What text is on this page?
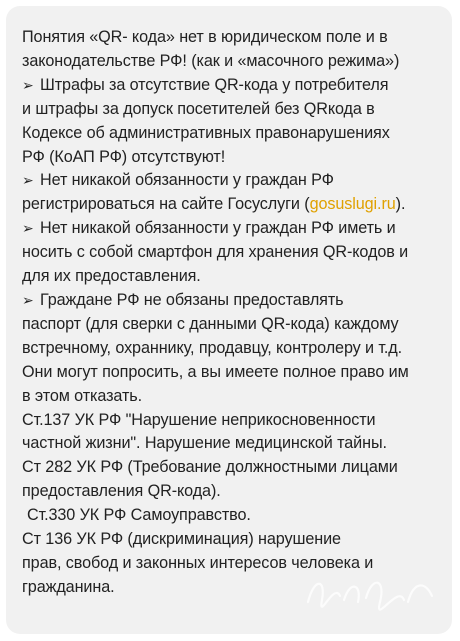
Понятия «QR- кода» нет в юридическом поле и в
законодательстве РФ! (как и «масочного режима»)
➢ Штрафы за отсутствие QR-кода у потребителя
и штрафы за допуск посетителей без QRкода в
Кодексе об административных правонарушениях
РФ (КоАП РФ) отсутствуют!
➢ Нет никакой обязанности у граждан РФ
регистрироваться на сайте Госуслуги (gosuslugi.ru).
➢ Нет никакой обязанности у граждан РФ иметь и
носить с собой смартфон для хранения QR-кодов и
для их предоставления.
➢ Граждане РФ не обязаны предоставлять
паспорт (для сверки с данными QR-кода) каждому
встречному, охраннику, продавцу, контролеру и т.д.
Они могут попросить, а вы имеете полное право им
в этом отказать.
Ст.137 УК РФ "Нарушение неприкосновенности
частной жизни". Нарушение медицинской тайны.
Ст 282 УК РФ (Требование должностными лицами
предоставления QR-кода).
Ст.330 УК РФ Самоуправство.
Ст 136 УК РФ (дискриминация) нарушение
прав, свобод и законных интересов человека и
гражданина.
